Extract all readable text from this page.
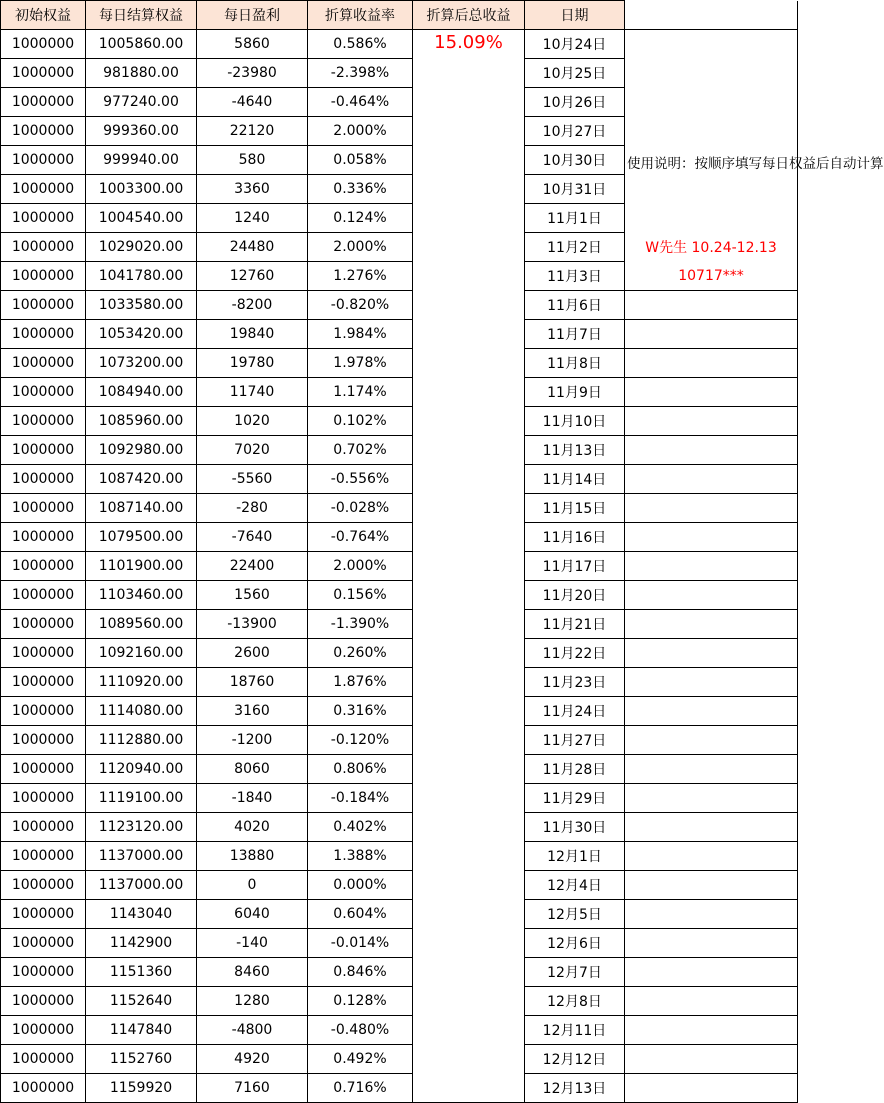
初始权益	每日结算权益	每日盈利	折算收益率	折算后总收益	日期	
1000000	1005860.00	5860	0.586%	15.09%	10月24日	使用说明：按顺序填写每日权益后自动计算
1000000	981880.00	-23980	-2.398%		10月25日	
1000000	977240.00	-4640	-0.464%		10月26日	
1000000	999360.00	22120	2.000%		10月27日	
1000000	999940.00	580	0.058%		10月30日	
1000000	1003300.00	3360	0.336%		10月31日	
1000000	1004540.00	1240	0.124%		11月1日	
1000000	1029020.00	24480	2.000%		11月2日	W先生 10.24-12.13
1000000	1041780.00	12760	1.276%		11月3日	10717***
1000000	1033580.00	-8200	-0.820%		11月6日	
1000000	1053420.00	19840	1.984%		11月7日	
1000000	1073200.00	19780	1.978%		11月8日	
1000000	1084940.00	11740	1.174%		11月9日	
1000000	1085960.00	1020	0.102%		11月10日	
1000000	1092980.00	7020	0.702%		11月13日	
1000000	1087420.00	-5560	-0.556%		11月14日	
1000000	1087140.00	-280	-0.028%		11月15日	
1000000	1079500.00	-7640	-0.764%		11月16日	
1000000	1101900.00	22400	2.000%		11月17日	
1000000	1103460.00	1560	0.156%		11月20日	
1000000	1089560.00	-13900	-1.390%		11月21日	
1000000	1092160.00	2600	0.260%		11月22日	
1000000	1110920.00	18760	1.876%		11月23日	
1000000	1114080.00	3160	0.316%		11月24日	
1000000	1112880.00	-1200	-0.120%		11月27日	
1000000	1120940.00	8060	0.806%		11月28日	
1000000	1119100.00	-1840	-0.184%		11月29日	
1000000	1123120.00	4020	0.402%		11月30日	
1000000	1137000.00	13880	1.388%		12月1日	
1000000	1137000.00	0	0.000%		12月4日	
1000000	1143040	6040	0.604%		12月5日	
1000000	1142900	-140	-0.014%		12月6日	
1000000	1151360	8460	0.846%		12月7日	
1000000	1152640	1280	0.128%		12月8日	
1000000	1147840	-4800	-0.480%		12月11日	
1000000	1152760	4920	0.492%		12月12日	
1000000	1159920	7160	0.716%		12月13日	
